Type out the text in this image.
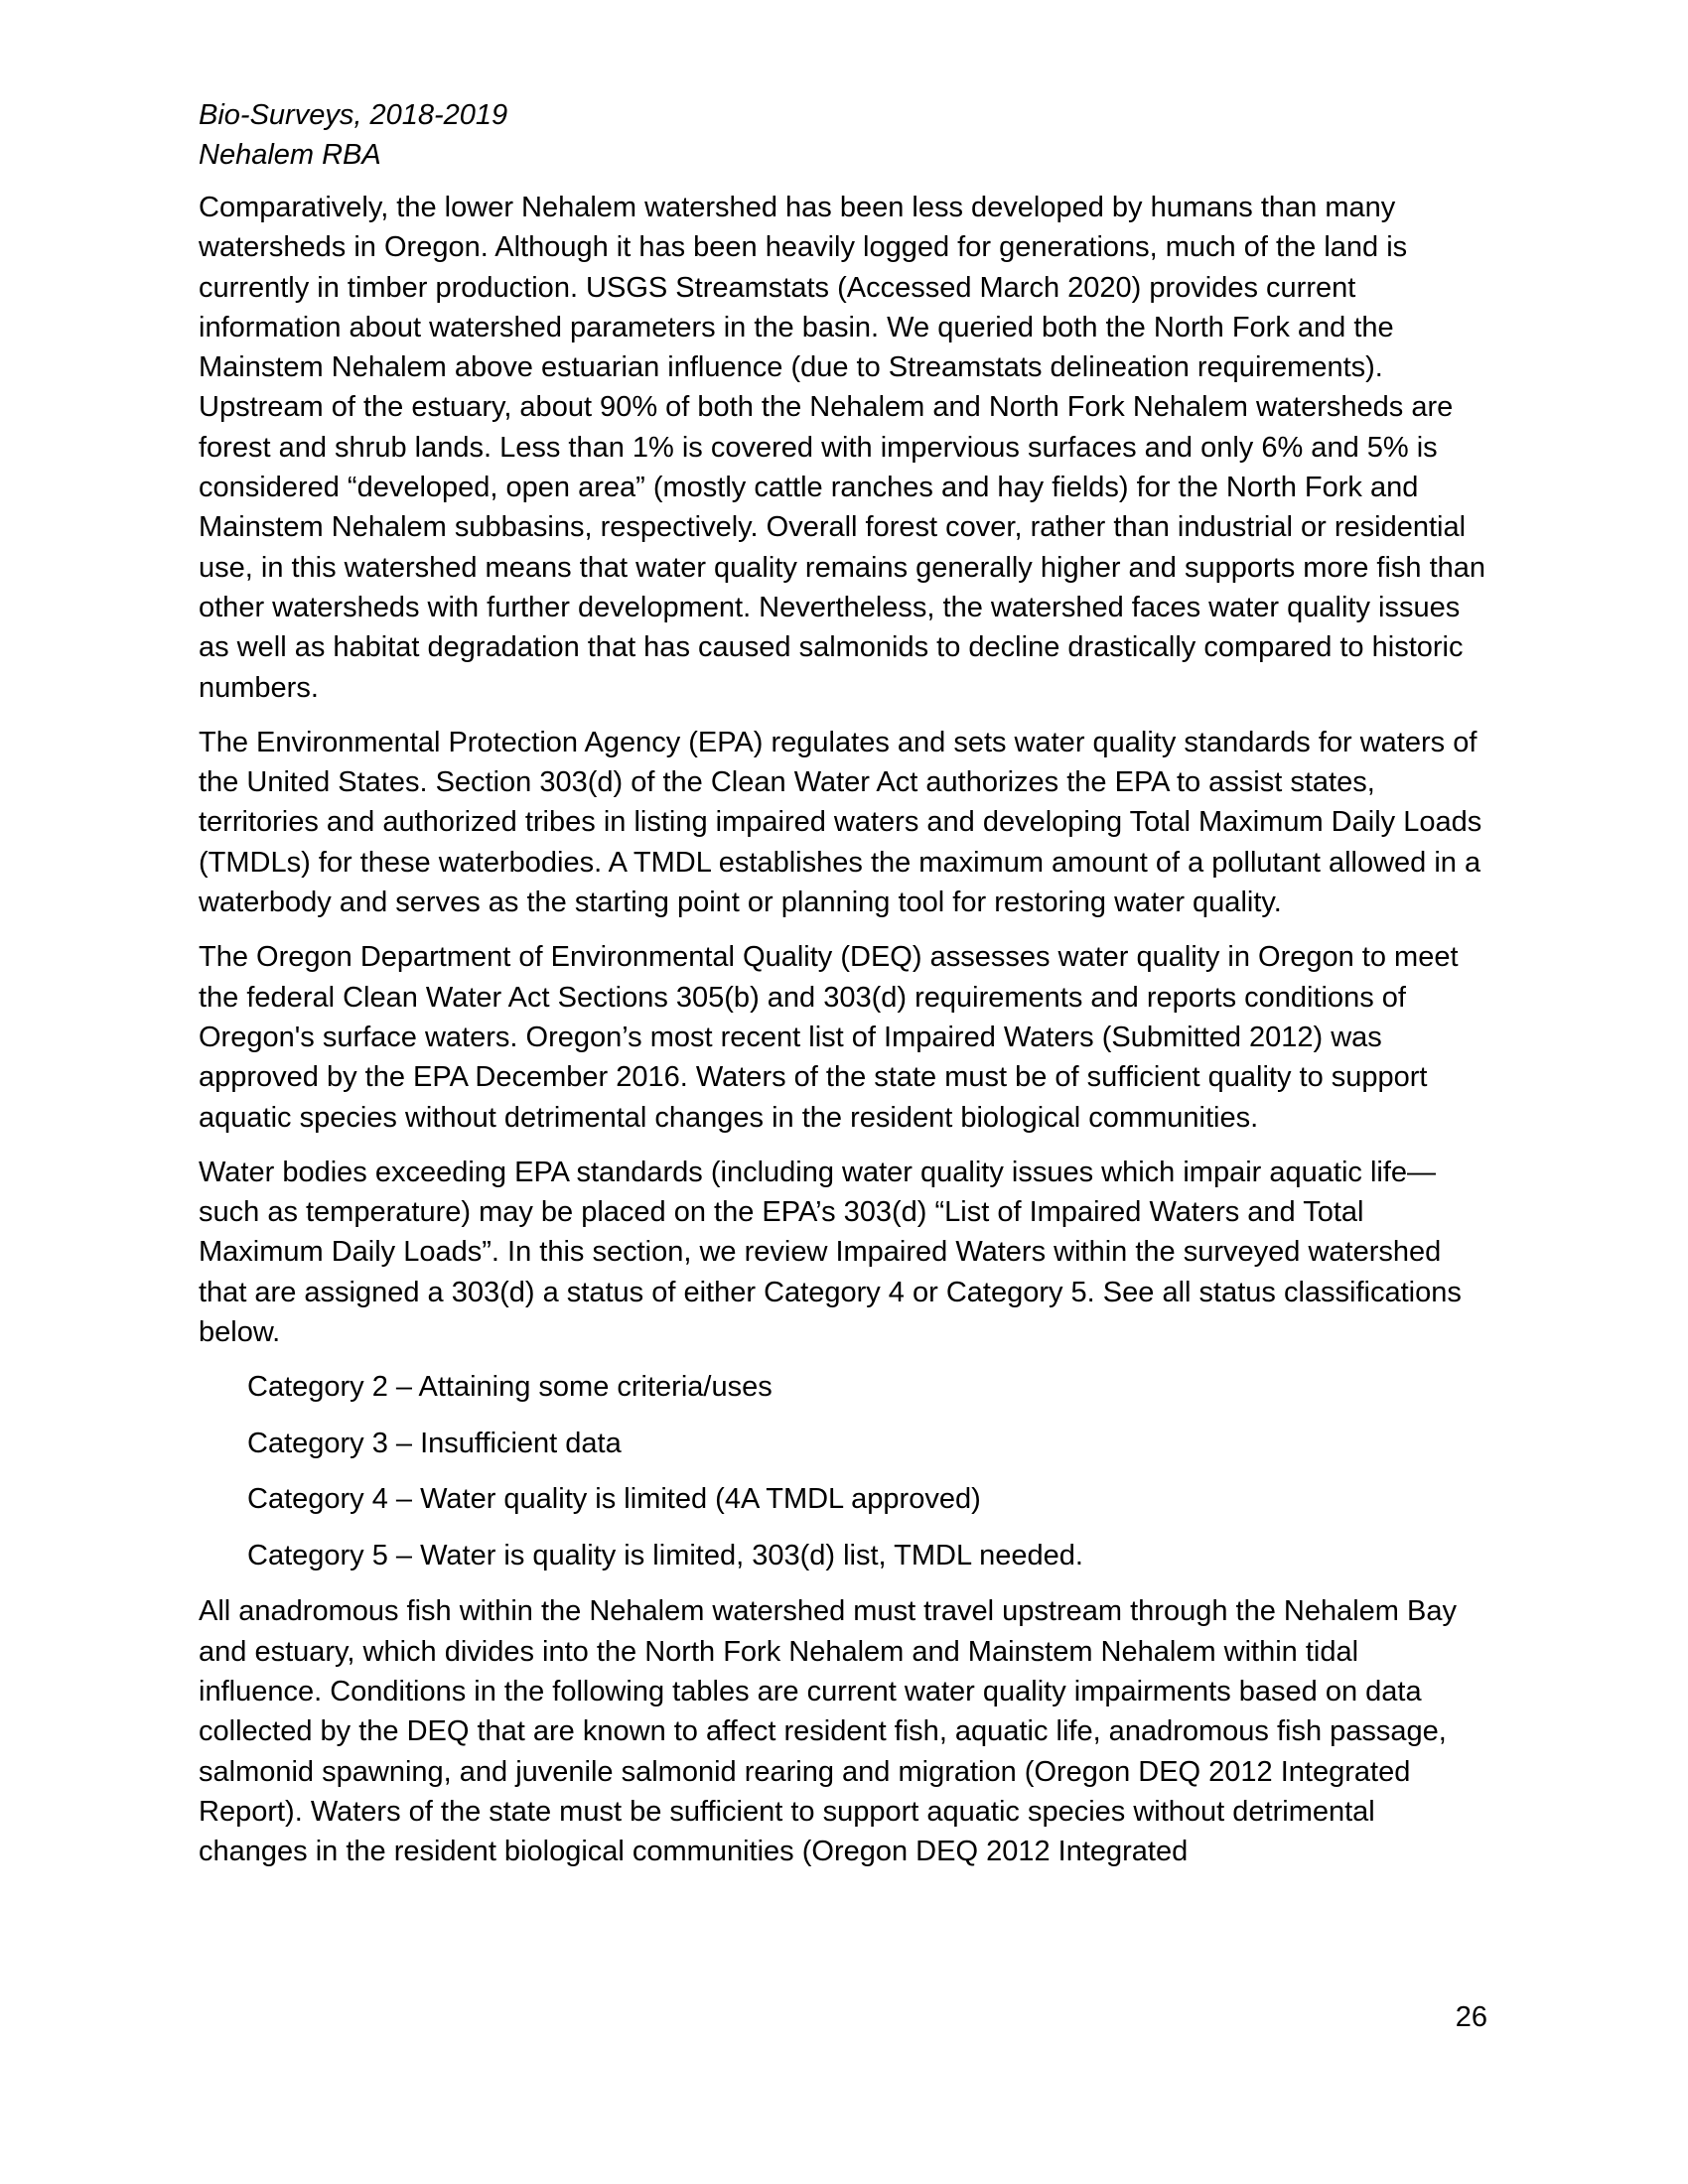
Bio-Surveys, 2018-2019
Nehalem RBA

Comparatively, the lower Nehalem watershed has been less developed by humans than many watersheds in Oregon. Although it has been heavily logged for generations, much of the land is currently in timber production. USGS Streamstats (Accessed March 2020) provides current information about watershed parameters in the basin. We queried both the North Fork and the Mainstem Nehalem above estuarian influence (due to Streamstats delineation requirements). Upstream of the estuary, about 90% of both the Nehalem and North Fork Nehalem watersheds are forest and shrub lands. Less than 1% is covered with impervious surfaces and only 6% and 5% is considered “developed, open area” (mostly cattle ranches and hay fields) for the North Fork and Mainstem Nehalem subbasins, respectively. Overall forest cover, rather than industrial or residential use, in this watershed means that water quality remains generally higher and supports more fish than other watersheds with further development. Nevertheless, the watershed faces water quality issues as well as habitat degradation that has caused salmonids to decline drastically compared to historic numbers.

The Environmental Protection Agency (EPA) regulates and sets water quality standards for waters of the United States. Section 303(d) of the Clean Water Act authorizes the EPA to assist states, territories and authorized tribes in listing impaired waters and developing Total Maximum Daily Loads (TMDLs) for these waterbodies. A TMDL establishes the maximum amount of a pollutant allowed in a waterbody and serves as the starting point or planning tool for restoring water quality.

The Oregon Department of Environmental Quality (DEQ) assesses water quality in Oregon to meet the federal Clean Water Act Sections 305(b) and 303(d) requirements and reports conditions of Oregon's surface waters. Oregon’s most recent list of Impaired Waters (Submitted 2012) was approved by the EPA December 2016. Waters of the state must be of sufficient quality to support aquatic species without detrimental changes in the resident biological communities.

Water bodies exceeding EPA standards (including water quality issues which impair aquatic life—such as temperature) may be placed on the EPA’s 303(d) “List of Impaired Waters and Total Maximum Daily Loads”. In this section, we review Impaired Waters within the surveyed watershed that are assigned a 303(d) a status of either Category 4 or Category 5. See all status classifications below.

Category 2 – Attaining some criteria/uses
Category 3 – Insufficient data
Category 4 – Water quality is limited (4A TMDL approved)
Category 5 – Water is quality is limited, 303(d) list, TMDL needed.

All anadromous fish within the Nehalem watershed must travel upstream through the Nehalem Bay and estuary, which divides into the North Fork Nehalem and Mainstem Nehalem within tidal influence. Conditions in the following tables are current water quality impairments based on data collected by the DEQ that are known to affect resident fish, aquatic life, anadromous fish passage, salmonid spawning, and juvenile salmonid rearing and migration (Oregon DEQ 2012 Integrated Report). Waters of the state must be sufficient to support aquatic species without detrimental changes in the resident biological communities (Oregon DEQ 2012 Integrated

26
